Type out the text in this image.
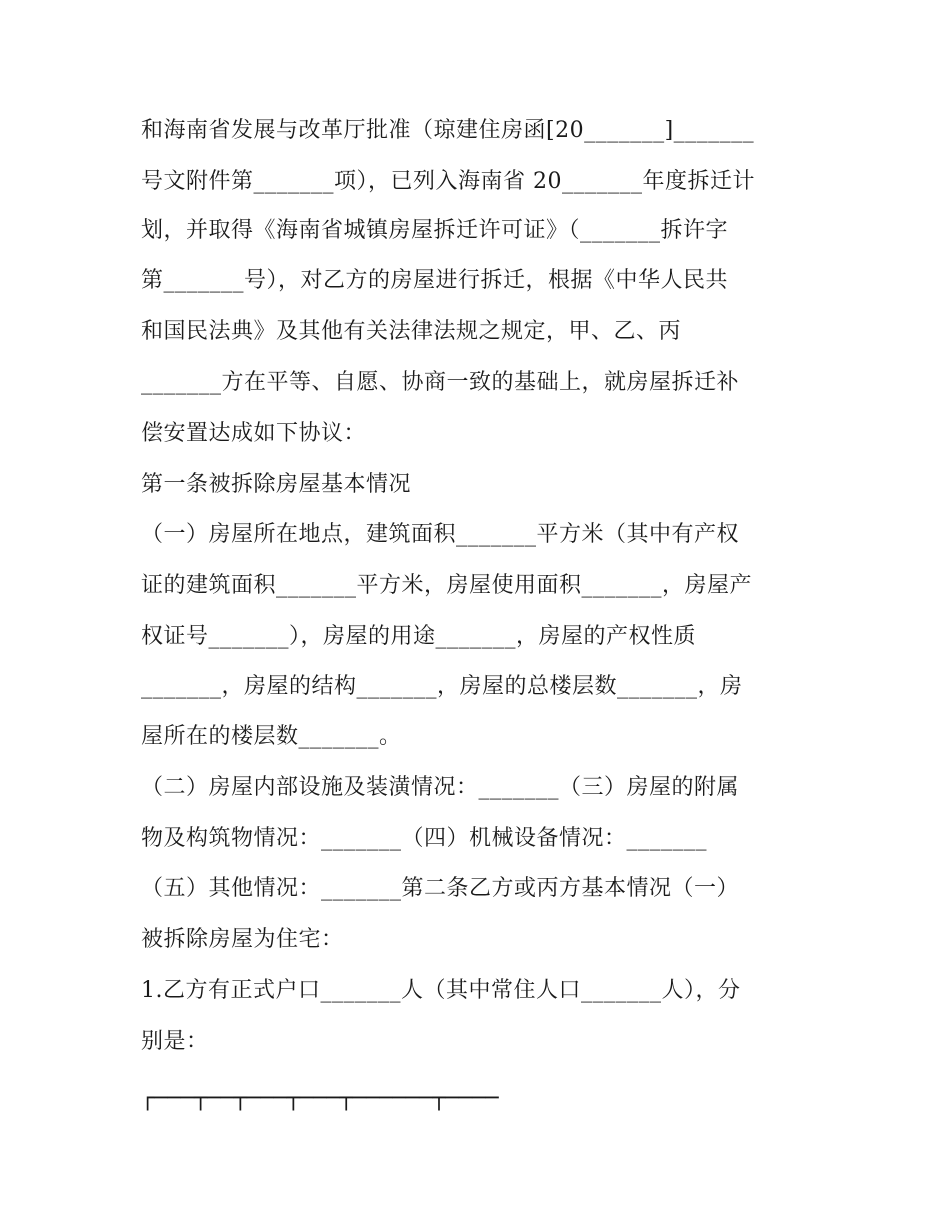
和海南省发展与改革厅批准（琼建住房函[20_______]_______
号文附件第_______项），已列入海南省 20_______年度拆迁计
划，并取得《海南省城镇房屋拆迁许可证》（_______拆许字
第_______号），对乙方的房屋进行拆迁，根据《中华人民共
和国民法典》及其他有关法律法规之规定，甲、乙、丙
_______方在平等、自愿、协商一致的基础上，就房屋拆迁补
偿安置达成如下协议：
第一条被拆除房屋基本情况
（一）房屋所在地点，建筑面积_______平方米（其中有产权
证的建筑面积_______平方米，房屋使用面积_______，房屋产
权证号_______），房屋的用途_______，房屋的产权性质
_______，房屋的结构_______，房屋的总楼层数_______，房
屋所在的楼层数_______。
（二）房屋内部设施及装潢情况：_______（三）房屋的附属
物及构筑物情况：_______（四）机械设备情况：_______
（五）其他情况：_______第二条乙方或丙方基本情况（一）
被拆除房屋为住宅：
1.乙方有正式户口_______人（其中常住人口_______人），分
别是：
┌───┬──┬───┬───┬──────┬────
